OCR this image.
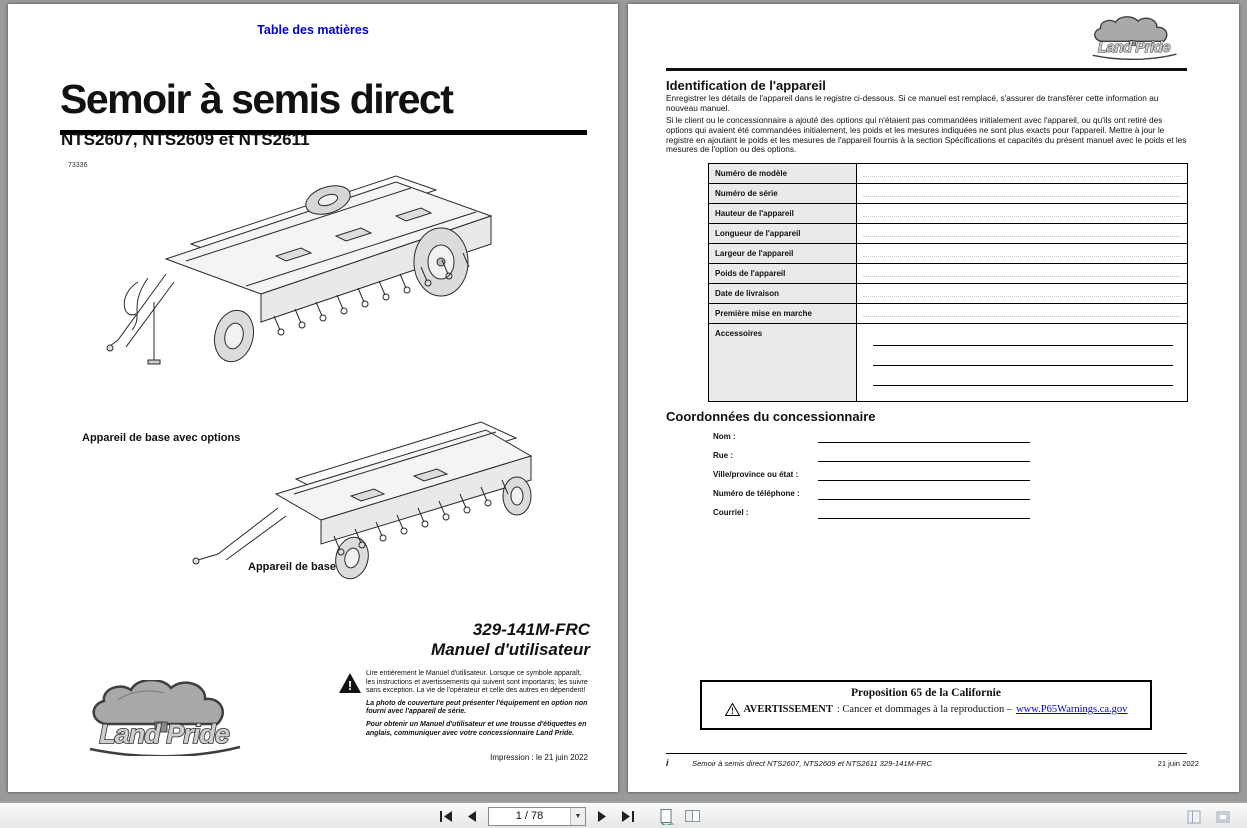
Table des matières
Semoir à semis direct
NTS2607, NTS2609 et NTS2611
73336
Appareil de base avec options
Appareil de base
329-141M-FRC
Manuel d'utilisateur
!
Lire entièrement le Manuel d'utilisateur. Lorsque ce symbole apparaît, les instructions et avertissements qui suivent sont importants; les suivre sans exception. La vie de l'opérateur et celle des autres en dépendent!
La photo de couverture peut présenter l'équipement en option non fourni avec l'appareil de série.
Pour obtenir un Manuel d'utilisateur et une trousse d'étiquettes en anglais, communiquer avec votre concessionnaire Land Pride.
Impression : le 21 juin 2022
Land Pride
Land Pride
Identification de l'appareil
Enregistrer les détails de l'appareil dans le registre ci-dessous. Si ce manuel est remplacé, s'assurer de transférer cette information au nouveau manuel.
Si le client ou le concessionnaire a ajouté des options qui n'étaient pas commandées initialement avec l'appareil, ou qu'ils ont retiré des options qui avaient été commandées initialement, les poids et les mesures indiquées ne sont plus exacts pour l'appareil. Mettre à jour le registre en ajoutant le poids et les mesures de l'appareil fournis à la section Spécifications et capacités du présent manuel avec le poids et les mesures de l'option ou des options.
Numéro de modèle
Numéro de série
Hauteur de l'appareil
Longueur de l'appareil
Largeur de l'appareil
Poids de l'appareil
Date de livraison
Première mise en marche
Accessoires
Coordonnées du concessionnaire
Nom :
Rue :
Ville/province ou état :
Numéro de téléphone :
Courriel :
Proposition 65 de la Californie
! AVERTISSEMENT : Cancer et dommages à la reproduction – www.P65Warnings.ca.gov
i	Semoir à semis direct NTS2607, NTS2609 et NTS2611 329-141M-FRC	21 juin 2022
1 / 78	▼
